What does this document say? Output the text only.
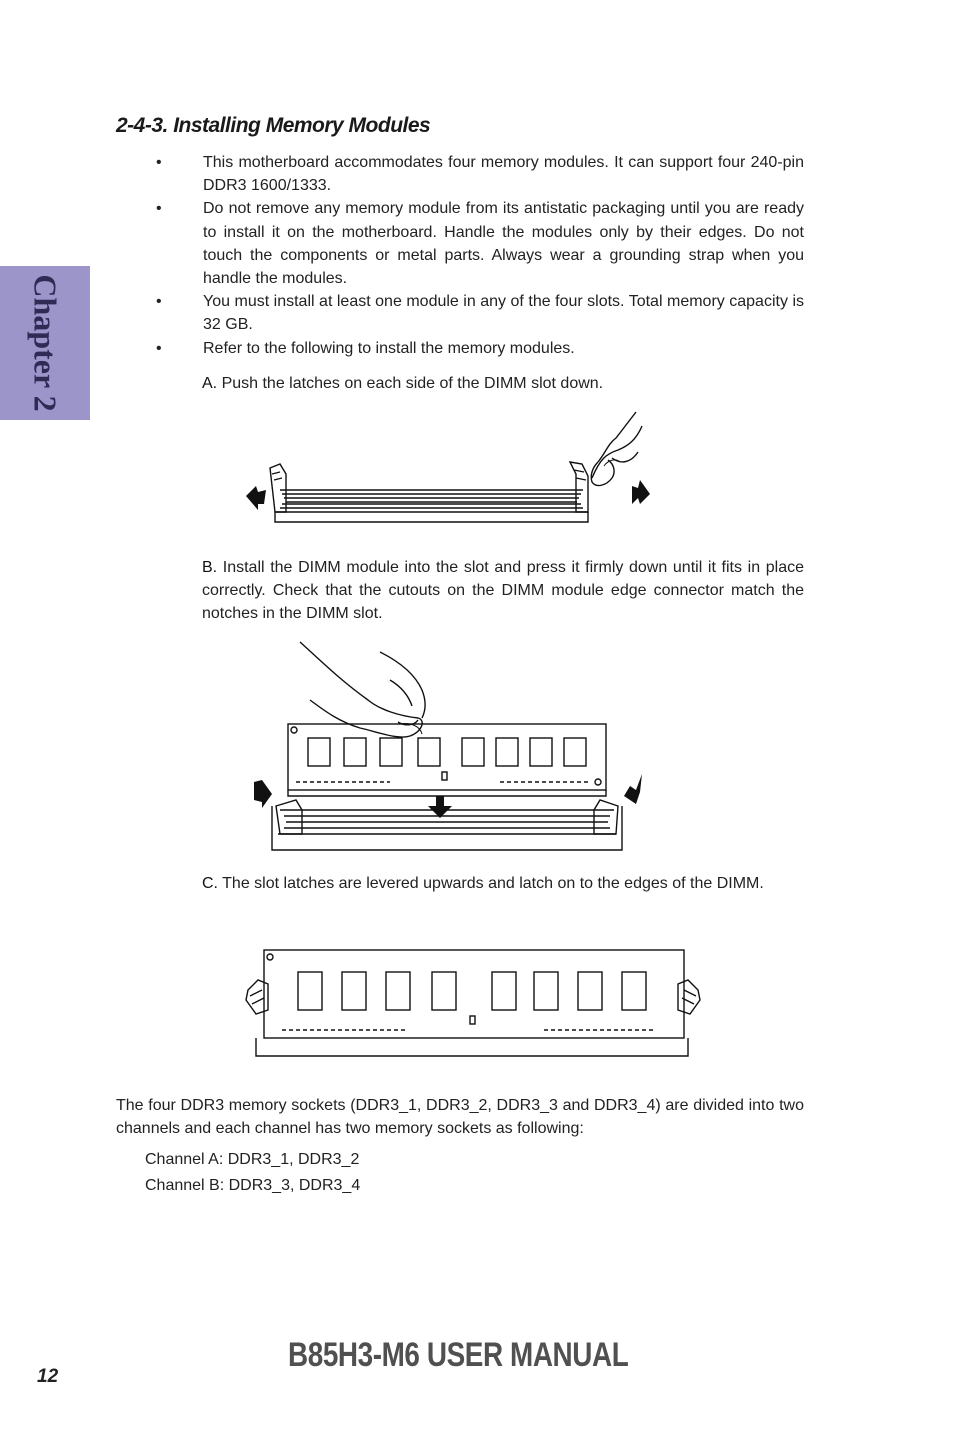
Chapter 2
2-4-3. Installing Memory Modules
•	This motherboard accommodates four memory modules. It can support four 240-pin DDR3 1600/1333.
•	Do not remove any memory module from its antistatic packaging until you are ready to install it on the motherboard. Handle the modules only by their edges. Do not touch the components or metal parts. Always wear a grounding strap when you handle the modules.
•	You must install at least one module in any of the four slots. Total memory capacity is 32 GB.
•	Refer to the following to install the memory modules.

A. Push the latches on each side of the DIMM slot down.

B. Install the DIMM module into the slot and press it firmly down until it fits in place correctly. Check that the cutouts on the DIMM module edge connector match the notches in the DIMM slot.

C. The slot latches are levered upwards and latch on to the edges of the DIMM.

The four DDR3 memory sockets (DDR3_1, DDR3_2, DDR3_3 and DDR3_4) are divided into two channels and each channel has two memory sockets as following:

Channel A: DDR3_1, DDR3_2

Channel B: DDR3_3, DDR3_4

12
B85H3-M6 USER MANUAL
